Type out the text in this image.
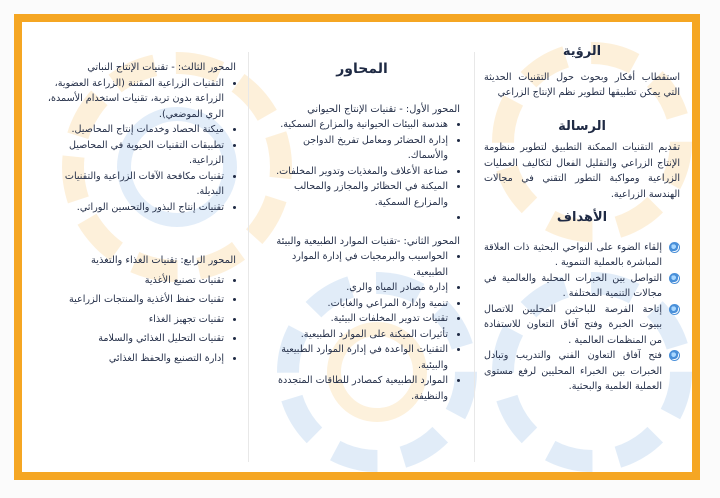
الرؤية

استقطاب أفكار وبحوث حول التقنيات الحديثة التي يمكن تطبيقها لتطوير نظم الإنتاج الزراعي

الرسالة

تقديم التقنيات الممكنة التطبيق لتطوير منظومة الإنتاج الزراعي والتقليل الفعال لتكاليف العمليات الزراعية ومواكبة التطور التقني في مجالات الهندسة الزراعية.

الأهداف
إلقاء الضوء على النواحي البحثية ذات العلاقة المباشرة بالعملية التنموية .
التواصل بين الخبرات المحلية والعالمية في مجالات التنمية المختلفة .
إتاحة الفرصة للباحثين المحليين للاتصال ببيوت الخبرة وفتح آفاق التعاون للاستفادة من المنظمات العالمية .
فتح آفاق التعاون الفني والتدريب وتبادل الخبرات بين الخبراء المحليين لرفع مستوى العملية العلمية والبحثية.
المحاور
المحور الأول: - تقنيات الإنتاج الحيواني
• هندسة البيئات الحيوانية والمزارع السمكية.
• إدارة الحضائر ومعامل تفريخ الدواجن والأسماك.
• صناعة الأعلاف والمغذيات وتدوير المخلفات.
• الميكنة في الحظائر والمجازر والمحالب والمزارع السمكية.
•
المحور الثاني: -تقنيات الموارد الطبيعية والبيئة
• الحواسيب والبرمجيات في إدارة الموارد الطبيعية.
• إدارة مصادر المياه والري.
• تنمية وإدارة المراعي والغابات.
• تقنيات تدوير المخلفات البيئية.
• تأثيرات الميكنة على الموارد الطبيعية.
• التقنيات الواعدة في إدارة الموارد الطبيعية والبيئية.
• الموارد الطبيعية كمصادر للطاقات المتجددة والنظيفة.
المحور الثالث: - تقنيات الإنتاج النباتي
• التقنيات الزراعية المقننة (الزراعة العضوية، الزراعة بدون تربة، تقنيات استخدام الأسمدة، الري الموضعي).
• ميكنة الحصاد وخدمات إنتاج المحاصيل.
• تطبيقات التقنيات الحيوية في المحاصيل الزراعية.
• تقنيات مكافحة الآفات الزراعية والتقنيات البديلة.
• تقنيات إنتاج البذور والتحسين الوراثي.
المحور الرابع: تقنيات الغذاء والتغذية
• تقنيات تصنيع الأغذية
• تقنيات حفظ الأغذية والمنتجات الزراعية
• تقنيات تجهيز الغذاء
• تقنيات التحليل الغذائي والسلامة
• إدارة التصنيع والحفظ الغذائي
